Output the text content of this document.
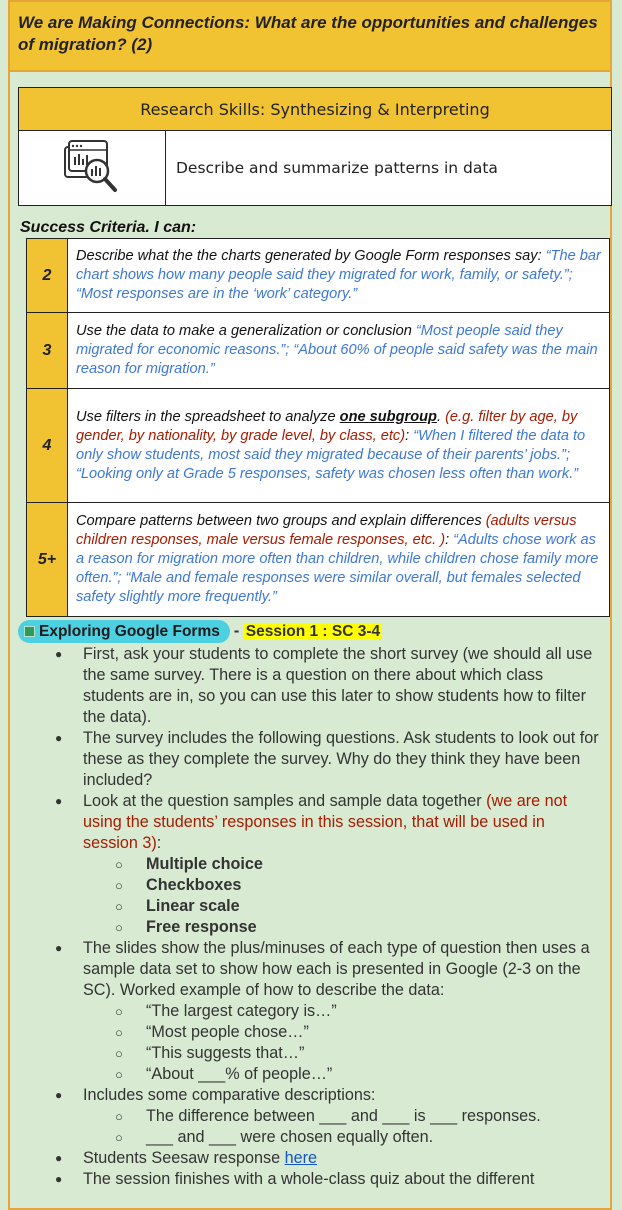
We are Making Connections: What are the opportunities and challenges of migration? (2)
Research Skills: Synthesizing & Interpreting
	Describe and summarize patterns in data
Success Criteria. I can:
2	Describe what the the charts generated by Google Form responses say: “The bar chart shows how many people said they migrated for work, family, or safety.”; “Most responses are in the ‘work’ category.”
3	Use the data to make a generalization or conclusion “Most people said they migrated for economic reasons.”; “About 60% of people said safety was the main reason for migration.”
4	Use filters in the spreadsheet to analyze one subgroup. (e.g. filter by age, by gender, by nationality, by grade level, by class, etc): “When I filtered the data to only show students, most said they migrated because of their parents’ jobs.”; “Looking only at Grade 5 responses, safety was chosen less often than work.”
5+	Compare patterns between two groups and explain differences (adults versus children responses, male versus female responses, etc. ): “Adults chose work as a reason for migration more often than children, while children chose family more often.”; “Male and female responses were similar overall, but females selected safety slightly more frequently.”
Exploring Google Forms - Session 1 : SC 3-4
● First, ask your students to complete the short survey (we should all use the same survey. There is a question on there about which class students are in, so you can use this later to show students how to filter the data).
● The survey includes the following questions. Ask students to look out for these as they complete the survey. Why do they think they have been included?
● Look at the question samples and sample data together (we are not using the students’ responses in this session, that will be used in session 3):
○ Multiple choice
○ Checkboxes
○ Linear scale
○ Free response
● The slides show the plus/minuses of each type of question then uses a sample data set to show how each is presented in Google (2-3 on the SC). Worked example of how to describe the data:
○ “The largest category is…”
○ “Most people chose…”
○ “This suggests that…”
○ “About ___% of people…”
● Includes some comparative descriptions:
○ The difference between ___ and ___ is ___ responses.
○ ___ and ___ were chosen equally often.
● Students Seesaw response here
● The session finishes with a whole-class quiz about the different
